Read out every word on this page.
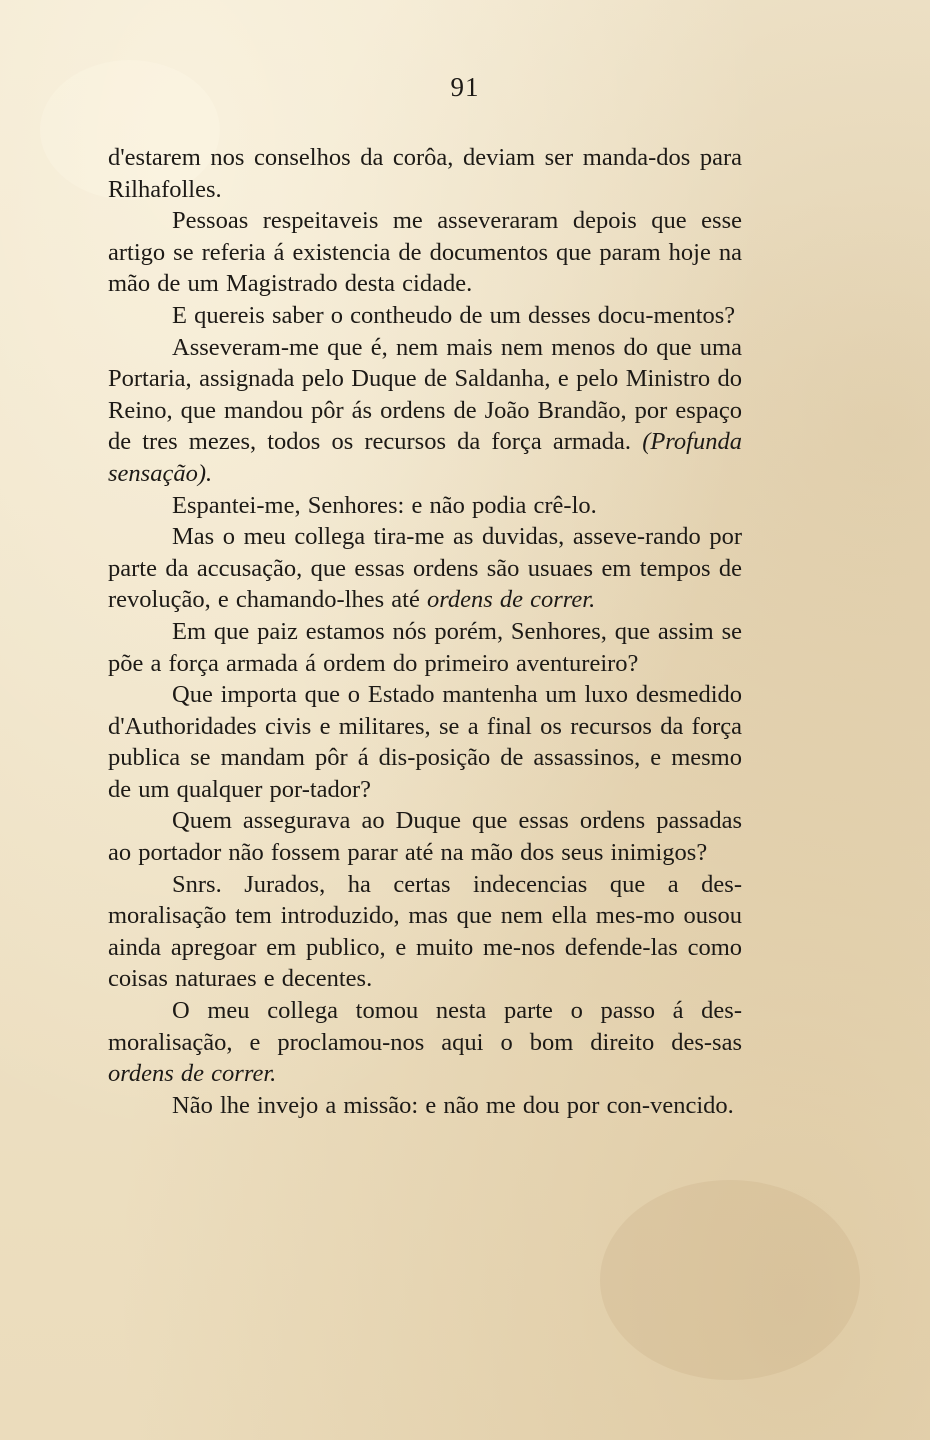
91

d'estarem nos conselhos da corôa, deviam ser manda-dos para Rilhafolles.

Pessoas respeitaveis me asseveraram depois que esse artigo se referia á existencia de documentos que param hoje na mão de um Magistrado desta cidade.

E quereis saber o contheudo de um desses docu-mentos?

Asseveram-me que é, nem mais nem menos do que uma Portaria, assignada pelo Duque de Saldanha, e pelo Ministro do Reino, que mandou pôr ás ordens de João Brandão, por espaço de tres mezes, todos os recursos da força armada. (Profunda sensação).

Espantei-me, Senhores: e não podia crê-lo.

Mas o meu collega tira-me as duvidas, asseve-rando por parte da accusação, que essas ordens são usuaes em tempos de revolução, e chamando-lhes até ordens de correr.

Em que paiz estamos nós porém, Senhores, que assim se põe a força armada á ordem do primeiro aventureiro?

Que importa que o Estado mantenha um luxo desmedido d'Authoridades civis e militares, se a final os recursos da força publica se mandam pôr á dis-posição de assassinos, e mesmo de um qualquer por-tador?

Quem assegurava ao Duque que essas ordens passadas ao portador não fossem parar até na mão dos seus inimigos?

Snrs. Jurados, ha certas indecencias que a des-moralisação tem introduzido, mas que nem ella mes-mo ousou ainda apregoar em publico, e muito me-nos defende-las como coisas naturaes e decentes.

O meu collega tomou nesta parte o passo á des-moralisação, e proclamou-nos aqui o bom direito des-sas ordens de correr.

Não lhe invejo a missão: e não me dou por con-vencido.
